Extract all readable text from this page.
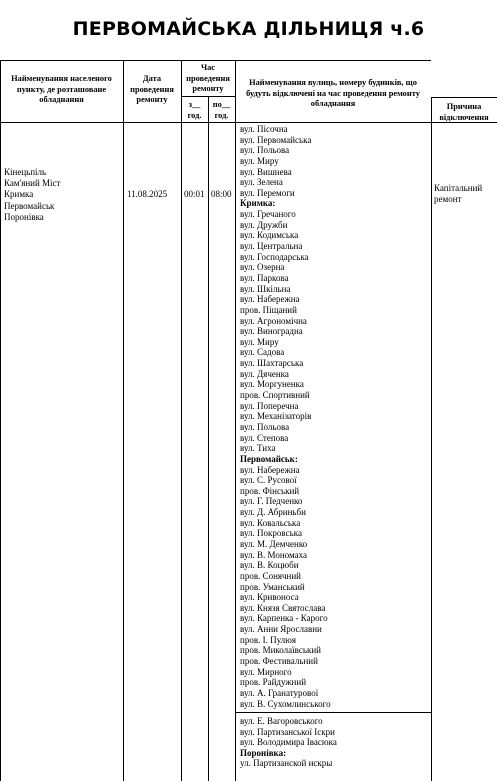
ПЕРВОМАЙСЬКА ДІЛЬНИЦЯ ч.6
Найменування населеного пункту, де розташоване обладнання
Дата проведення ремонту
Час проведення ремонту
з__ год.
по__ год.
Найменування вулиць, номеру будинків, що будуть відключені на час проведення ремонту обладнання	Причина відключення
Кінецьпіль
Кам'яний Міст
Кримка
Первомайськ
Поронівка
11.08.2025 00:01 08:00
Капітальний
ремонт
вул. Пісочна
вул. Первомайська
вул. Польова
вул. Миру
вул. Вишнева
вул. Зелена
вул. Перемоги
Кримка:
вул. Гречаного
вул. Дружби
вул. Кодимська
вул. Центральна
вул. Господарська
вул. Озерна
вул. Паркова
вул. Шкільна
вул. Набережна
пров. Піщаний
вул. Агрономічна
вул. Виноградна
вул. Миру
вул. Садова
вул. Шахтарська
вул. Дяченка
вул. Моргуненка
пров. Спортивний
вул. Поперечна
вул. Механізаторів
вул. Польова
вул. Степова
вул. Тиха
Первомайськ:
вул. Набережна
вул. С. Русової
пров. Фінський
вул. Г. Педченко
вул. Д. Абриньби
вул. Ковальська
вул. Покровська
вул. М. Демченко
вул. В. Мономаха
вул. В. Коцюби
пров. Сонячний
пров. Уманський
вул. Кривоноса
вул. Князя Святослава
вул. Карпенка - Карого
вул. Анни Ярославни
пров. І. Пулюя
пров. Миколаївський
пров. Фестивальний
вул. Мирного
пров. Райдужний
вул. А. Гранатурової
вул. В. Сухомлинського
вул. Е. Вагоровського
вул. Партизанської Іскри
вул. Володимира Івасюка
Поронівка:
ул. Партизанской искры
